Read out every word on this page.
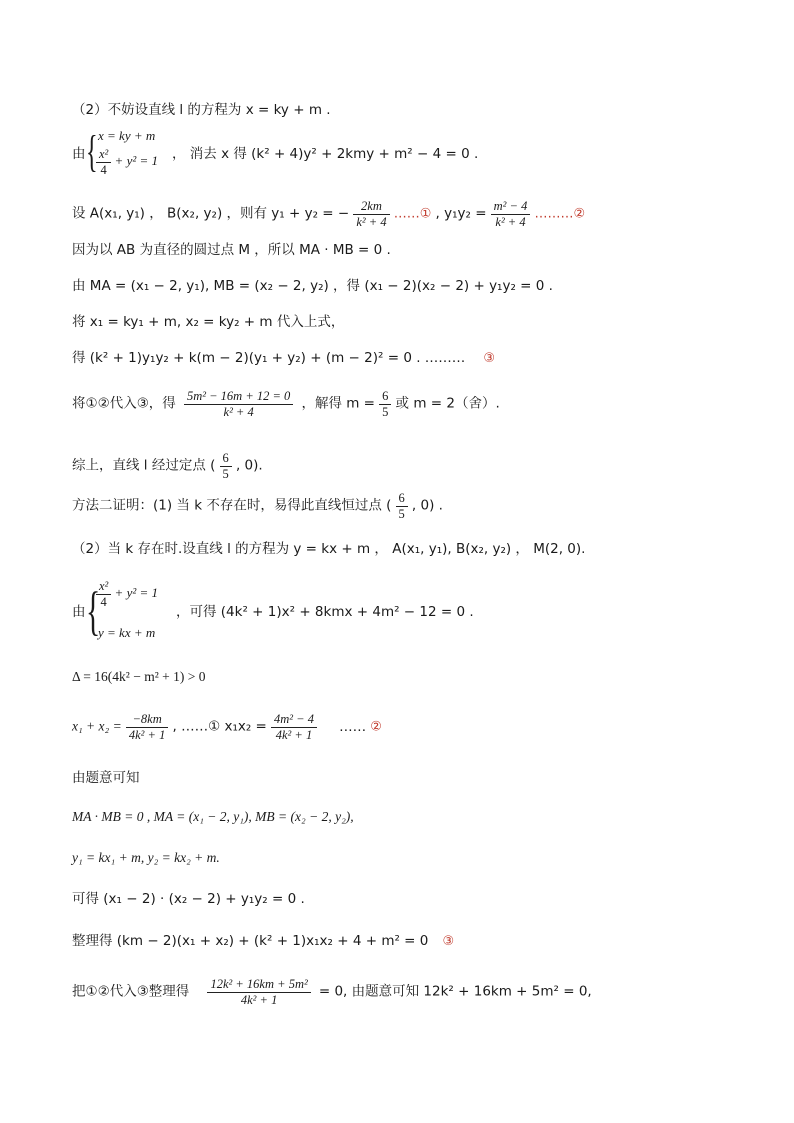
（2）不妨设直线 l 的方程为 x = ky + m .
由 { x = ky + m
$\frac{\text{x²}}{4} + y^2 = 1$ ， 消去 x 得 (k² + 4)y² + 2kmy + m² − 4 = 0 .
设 A(x₁, y₁) ， B(x₂, y₂) ，则有 y₁ + y₂ = − $\frac{2km}{\text{k² + 4}}$ ……① , $y_1y_2 = \frac{\text{m² − 4}}{\text{k² + 4}}$ ………②
因为以 AB 为直径的圆过点 M ，所以 MA · MB = 0 .
由 MA = (x₁ − 2, y₁), MB = (x₂ − 2, y₂) ，得 (x₁ − 2)(x₂ − 2) + y₁y₂ = 0 .
将 x₁ = ky₁ + m, x₂ = ky₂ + m 代入上式，
得 (k² + 1)y₁y₂ + k(m − 2)(y₁ + y₂) + (m − 2)² = 0 . ……… ③
将①②代入③，得 $\frac{\text{5m² − 16m + 12 = 0}}{\text{k² + 4}}$ ，解得 $m = \frac{6}{5}$ 或 m = 2（舍）.
综上，直线 l 经过定点 ( $\frac{6}{5}$ , 0).
方法二证明：(1) 当 k 不存在时，易得此直线恒过点 ( $\frac{6}{5}$ , 0) .
（2）当 k 存在时.设直线 l 的方程为 y = kx + m ， A(x₁, y₁), B(x₂, y₂) ， M(2, 0).
由 {
$\frac{\text{x²}}{4} + y^2 = 1$
y = kx + m
，可得 (4k² + 1)x² + 8kmx + 4m² − 12 = 0 .
Δ = 16(4k² − m² + 1) > 0
$x_1 + x_2 = \frac{-8km}{\text{4k² + 1}}$ , ……① $x_1x_2 = \frac{\text{4m² − 4}}{\text{4k² + 1}}$ …… ②
由题意可知
MA · MB = 0 , MA = (x₁ − 2, y₁), MB = (x₂ − 2, y₂),
y₁ = kx₁ + m, y₂ = kx₂ + m.
可得 (x₁ − 2) · (x₂ − 2) + y₁y₂ = 0 .
整理得 (km − 2)(x₁ + x₂) + (k² + 1)x₁x₂ + 4 + m² = 0 ③
把①②代入③整理得 $\frac{\text{12k² + 16km + 5m²}}{\text{4k² + 1}} = 0$, 由题意可知 12k² + 16km + 5m² = 0,
